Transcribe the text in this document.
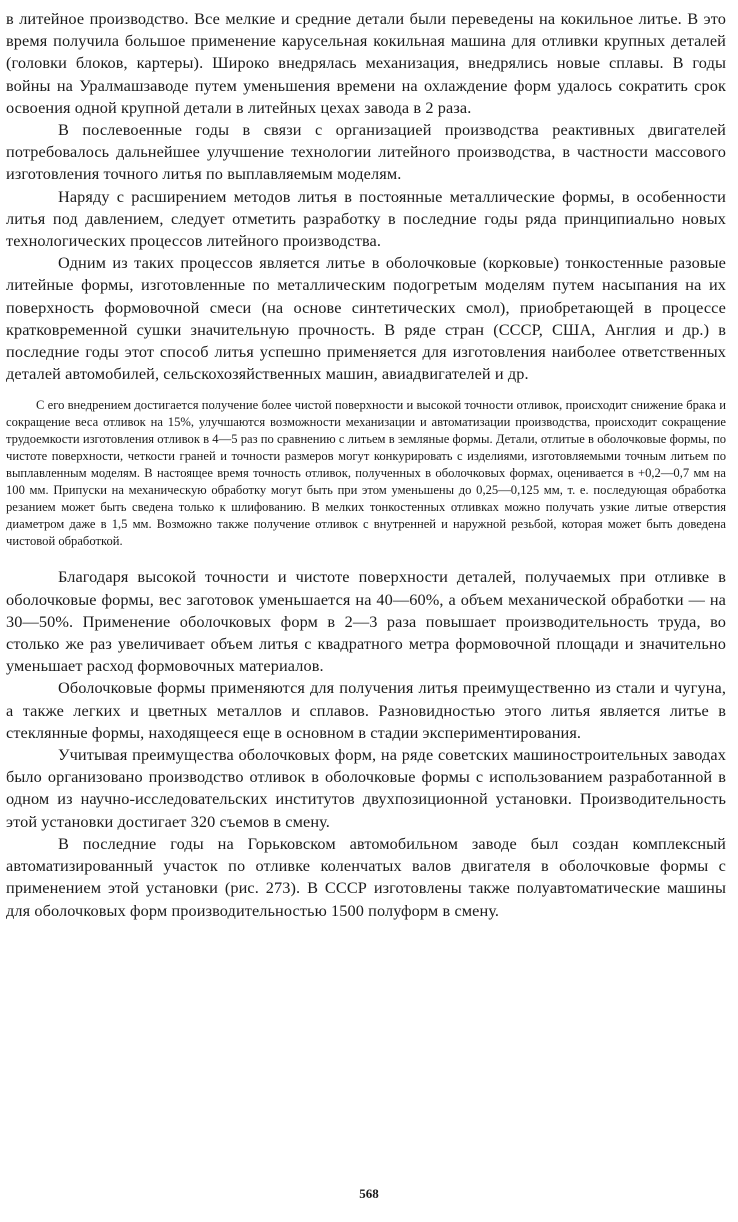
в литейное производство. Все мелкие и средние детали были переведены на кокильное литье. В это время получила большое применение карусельная кокильная машина для отливки крупных деталей (головки блоков, картеры). Широко внедрялась механизация, внедрялись новые сплавы. В годы войны на Уралмашзаводе путем уменьшения времени на охлаждение форм удалось сократить срок освоения одной крупной детали в литейных цехах завода в 2 раза.

В послевоенные годы в связи с организацией производства реактивных двигателей потребовалось дальнейшее улучшение технологии литейного производства, в частности массового изготовления точного литья по выплавляемым моделям.

Наряду с расширением методов литья в постоянные металлические формы, в особенности литья под давлением, следует отметить разработку в последние годы ряда принципиально новых технологических процессов литейного производства.

Одним из таких процессов является литье в оболочковые (корковые) тонкостенные разовые литейные формы, изготовленные по металлическим подогретым моделям путем насыпания на их поверхность формовочной смеси (на основе синтетических смол), приобретающей в процессе кратковременной сушки значительную прочность. В ряде стран (СССР, США, Англия и др.) в последние годы этот способ литья успешно применяется для изготовления наиболее ответственных деталей автомобилей, сельскохозяйственных машин, авиадвигателей и др.

С его внедрением достигается получение более чистой поверхности и высокой точности отливок, происходит снижение брака и сокращение веса отливок на 15%, улучшаются возможности механизации и автоматизации производства, происходит сокращение трудоемкости изготовления отливок в 4—5 раз по сравнению с литьем в земляные формы. Детали, отлитые в оболочковые формы, по чистоте поверхности, четкости граней и точности размеров могут конкурировать с изделиями, изготовляемыми точным литьем по выплавленным моделям. В настоящее время точность отливок, полученных в оболочковых формах, оценивается в +0,2—0,7 мм на 100 мм. Припуски на механическую обработку могут быть при этом уменьшены до 0,25—0,125 мм, т. е. последующая обработка резанием может быть сведена только к шлифованию. В мелких тонкостенных отливках можно получать узкие литые отверстия диаметром даже в 1,5 мм. Возможно также получение отливок с внутренней и наружной резьбой, которая может быть доведена чистовой обработкой.

Благодаря высокой точности и чистоте поверхности деталей, получаемых при отливке в оболочковые формы, вес заготовок уменьшается на 40—60%, а объем механической обработки — на 30—50%. Применение оболочковых форм в 2—3 раза повышает производительность труда, во столько же раз увеличивает объем литья с квадратного метра формовочной площади и значительно уменьшает расход формовочных материалов.

Оболочковые формы применяются для получения литья преимущественно из стали и чугуна, а также легких и цветных металлов и сплавов. Разновидностью этого литья является литье в стеклянные формы, находящееся еще в основном в стадии экспериментирования.

Учитывая преимущества оболочковых форм, на ряде советских машиностроительных заводах было организовано производство отливок в оболочковые формы с использованием разработанной в одном из научно-исследовательских институтов двухпозиционной установки. Производительность этой установки достигает 320 съемов в смену.

В последние годы на Горьковском автомобильном заводе был создан комплексный автоматизированный участок по отливке коленчатых валов двигателя в оболочковые формы с применением этой установки (рис. 273). В СССР изготовлены также полуавтоматические машины для оболочковых форм производительностью 1500 полуформ в смену.

568
